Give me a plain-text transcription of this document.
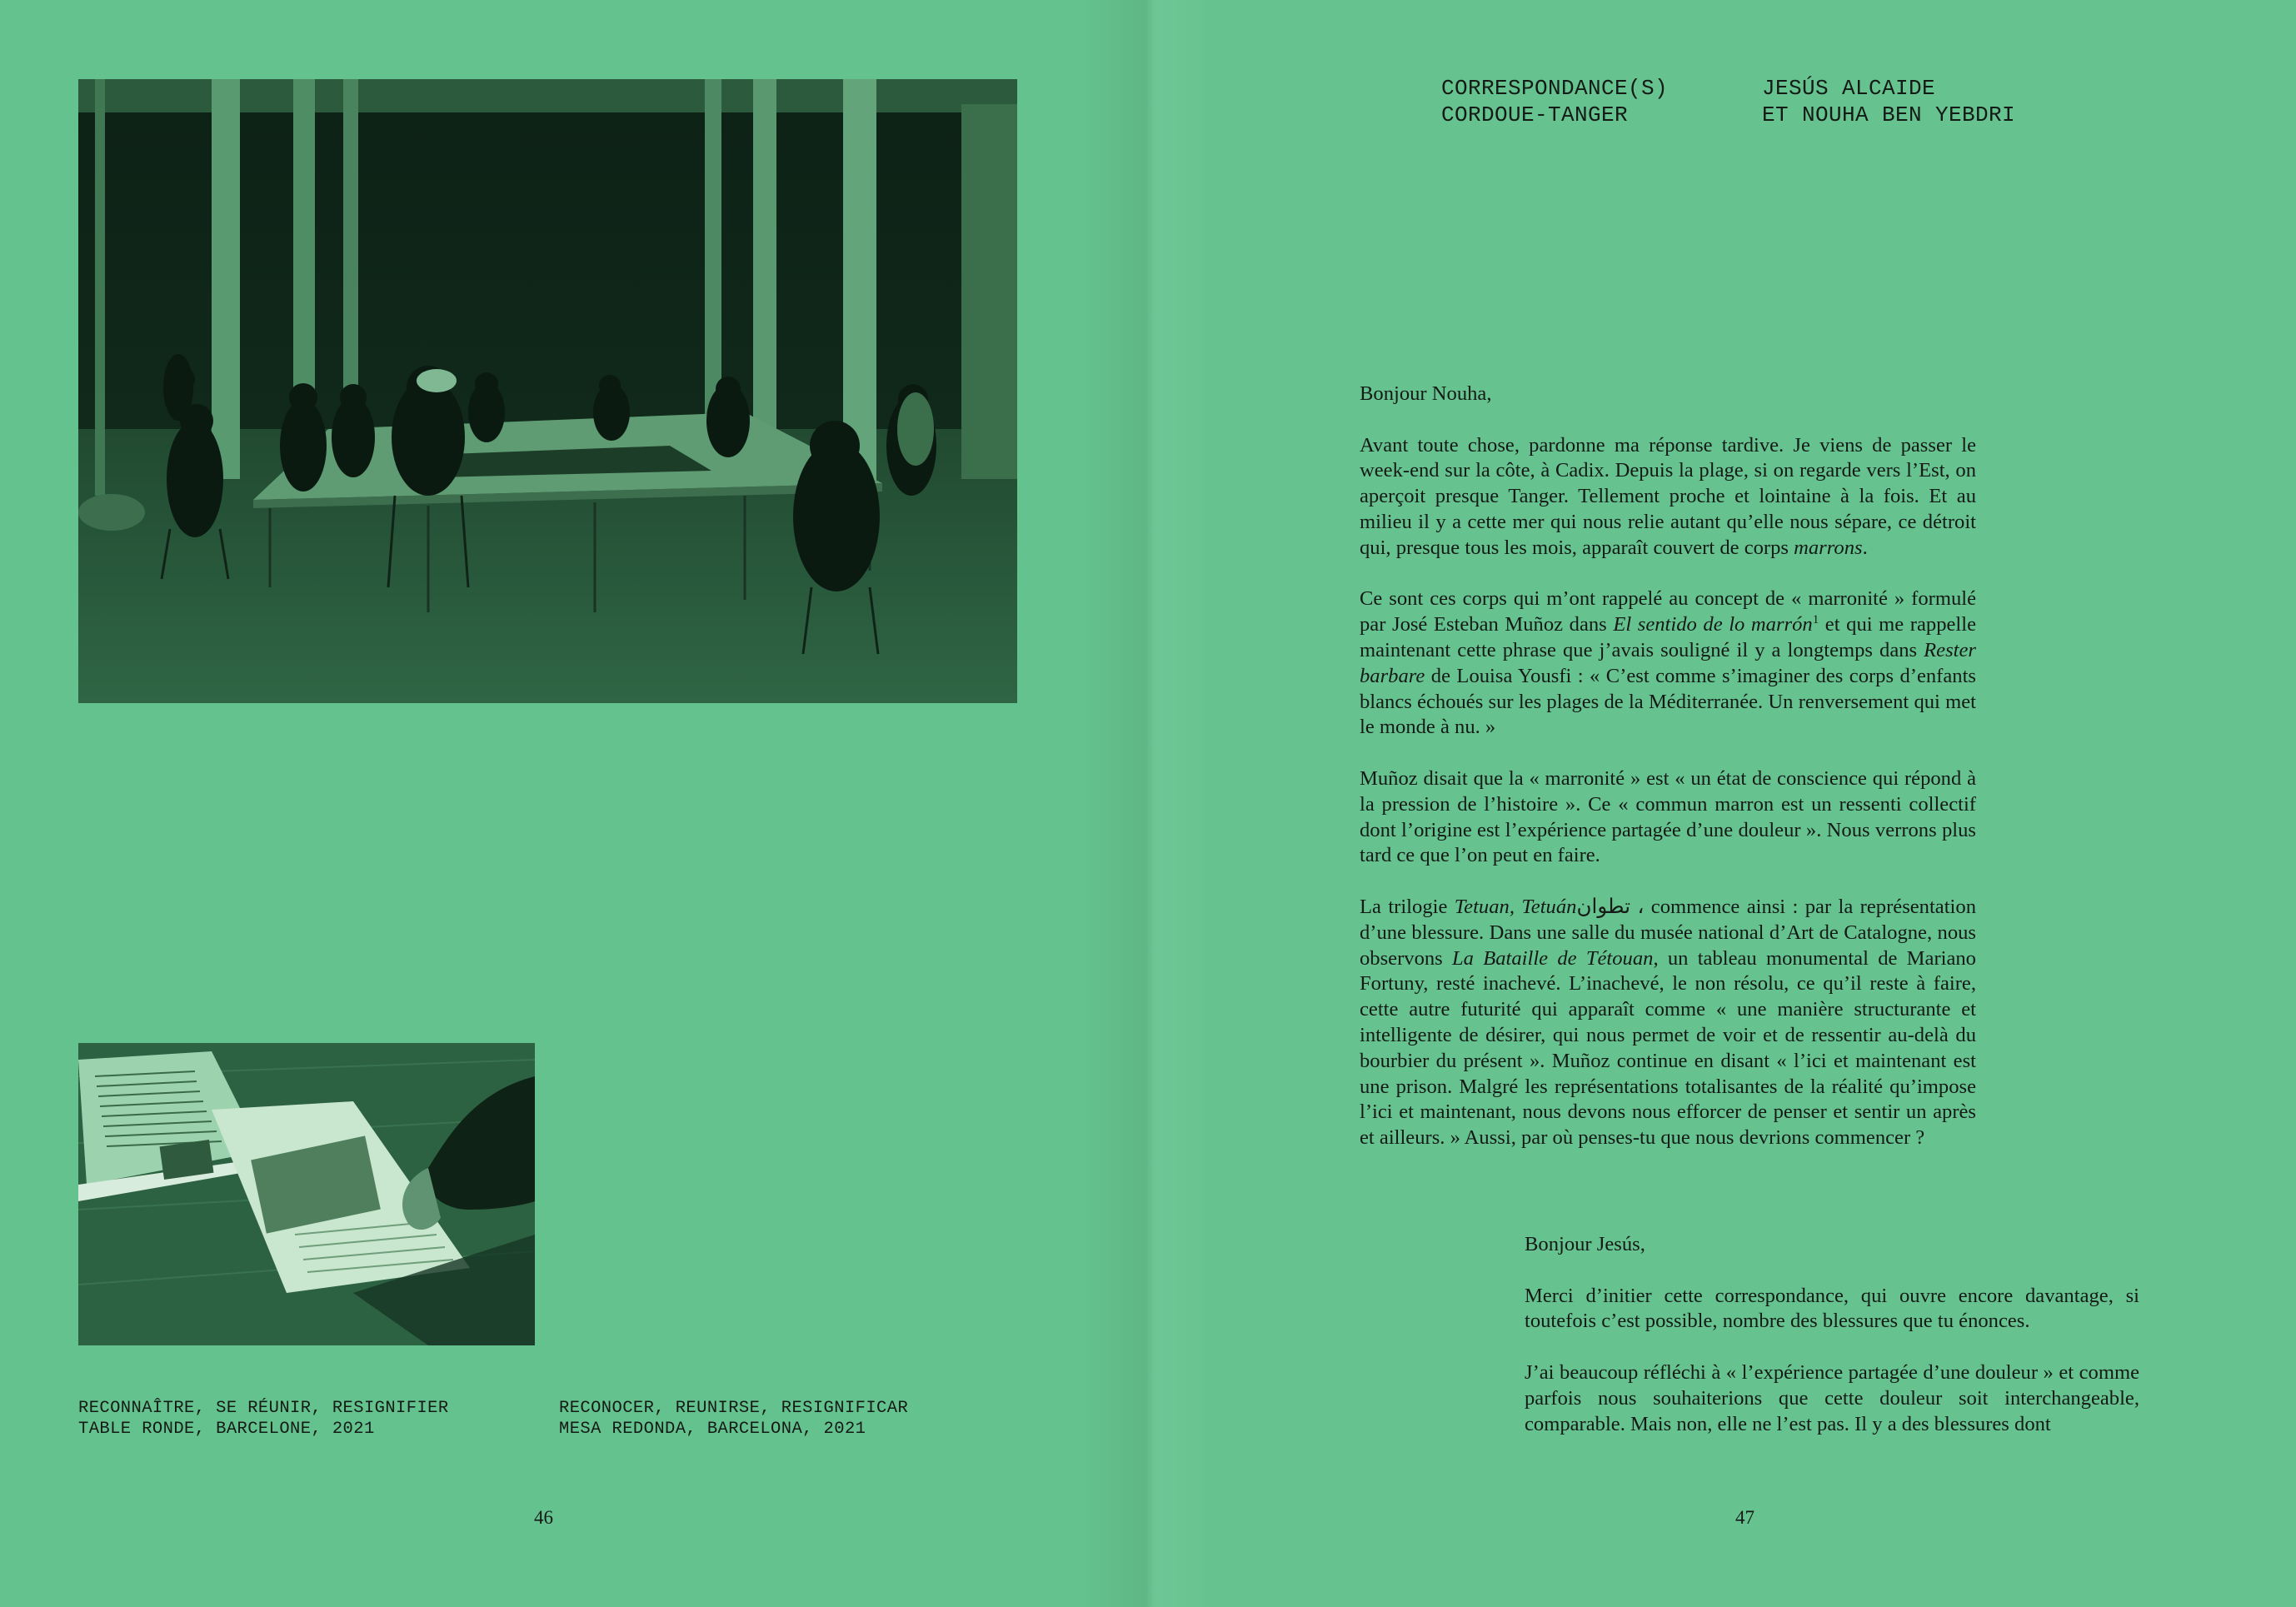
RECONNAÎTRE, SE RÉUNIR, RESIGNIFIER
TABLE RONDE, BARCELONE, 2021
RECONOCER, REUNIRSE, RESIGNIFICAR
MESA REDONDA, BARCELONA, 2021
46
CORRESPONDANCE(S)
CORDOUE-TANGER
JESÚS ALCAIDE
ET NOUHA BEN YEBDRI

Bonjour Nouha,

Avant toute chose, pardonne ma réponse tardive. Je viens de passer le week-end sur la côte, à Cadix. Depuis la plage, si on regarde vers l’Est, on aperçoit presque Tanger. Tellement proche et lointaine à la fois. Et au milieu il y a cette mer qui nous relie autant qu’elle nous sépare, ce détroit qui, presque tous les mois, apparaît couvert de corps marrons.

Ce sont ces corps qui m’ont rappelé au concept de « marronité » formulé par José Esteban Muñoz dans El sentido de lo marrón$^1$ et qui me rappelle maintenant cette phrase que j’avais souligné il y a longtemps dans Rester barbare de Louisa Yousfi : « C’est comme s’imaginer des corps d’enfants blancs échoués sur les plages de la Méditerranée. Un renversement qui met le monde à nu. »

Muñoz disait que la « marronité » est « un état de conscience qui répond à la pression de l’histoire ». Ce « commun marron est un ressenti collectif dont l’origine est l’expérience partagée d’une douleur ». Nous verrons plus tard ce que l’on peut en faire.

La trilogie Tetuan, Tetuán، تطوان commence ainsi : par la représentation d’une blessure. Dans une salle du musée national d’Art de Catalogne, nous observons La Bataille de Tétouan, un tableau monumental de Mariano Fortuny, resté inachevé. L’inachevé, le non résolu, ce qu’il reste à faire, cette autre futurité qui apparaît comme « une manière structurante et intelligente de désirer, qui nous permet de voir et de ressentir au-delà du bourbier du présent ». Muñoz continue en disant « l’ici et maintenant est une prison. Malgré les représentations totalisantes de la réalité qu’impose l’ici et maintenant, nous devons nous efforcer de penser et sentir un après et ailleurs. » Aussi, par où penses-tu que nous devrions commencer ?

Bonjour Jesús,

Merci d’initier cette correspondance, qui ouvre encore davantage, si toutefois c’est possible, nombre des blessures que tu énonces.

J’ai beaucoup réfléchi à « l’expérience partagée d’une douleur » et comme parfois nous souhaiterions que cette douleur soit interchangeable, comparable. Mais non, elle ne l’est pas. Il y a des blessures dont

47
